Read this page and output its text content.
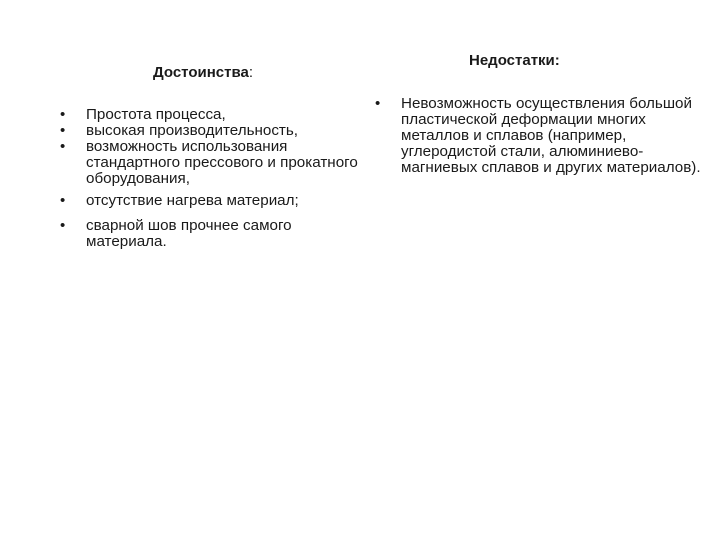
Достоинства:
• Простота процесса,
• высокая производительность,
• возможность использования стандартного прессового и прокатного оборудования,
• отсутствие нагрева материал;
• сварной шов прочнее самого материала.
Недостатки:
• Невозможность осуществления большой пластической деформации многих металлов и сплавов (например, углеродистой стали, алюминиево-магниевых сплавов и других материалов).
